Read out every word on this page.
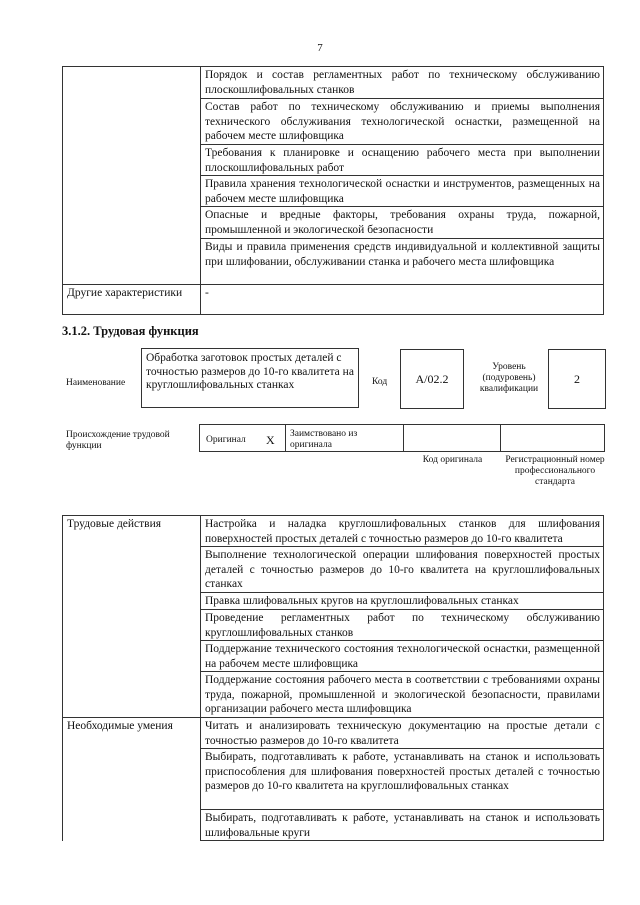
7
	Порядок и состав регламентных работ по техническому обслуживанию плоскошлифовальных станков
	Состав работ по техническому обслуживанию и приемы выполнения технического обслуживания технологической оснастки, размещенной на рабочем месте шлифовщика
	Требования к планировке и оснащению рабочего места при выполнении плоскошлифовальных работ
	Правила хранения технологической оснастки и инструментов, размещенных на рабочем месте шлифовщика
	Опасные и вредные факторы, требования охраны труда, пожарной, промышленной и экологической безопасности
	Виды и правила применения средств индивидуальной и коллективной защиты при шлифовании, обслуживании станка и рабочего места шлифовщика
Другие характеристики	-
3.1.2. Трудовая функция
Наименование
Обработка заготовок простых деталей с точностью размеров до 10-го квалитета на круглошлифовальных станках	Код	A/02.2
Уровень (подуровень) квалификации
2
Происхождение трудовой функции
Оригинал X Заимствовано из оригинала
Код оригинала	Регистрационный номер профессионального стандарта
Трудовые действия	Настройка и наладка круглошлифовальных станков для шлифования поверхностей простых деталей с точностью размеров до 10-го квалитета
	Выполнение технологической операции шлифования поверхностей простых деталей с точностью размеров до 10-го квалитета на круглошлифовальных станках
	Правка шлифовальных кругов на круглошлифовальных станках
	Проведение регламентных работ по техническому обслуживанию круглошлифовальных станков
	Поддержание технического состояния технологической оснастки, размещенной на рабочем месте шлифовщика
	Поддержание состояния рабочего места в соответствии с требованиями охраны труда, пожарной, промышленной и экологической безопасности, правилами организации рабочего места шлифовщика
Необходимые умения	Читать и анализировать техническую документацию на простые детали с точностью размеров до 10-го квалитета
	Выбирать, подготавливать к работе, устанавливать на станок и использовать приспособления для шлифования поверхностей простых деталей с точностью размеров до 10-го квалитета на круглошлифовальных станках
	Выбирать, подготавливать к работе, устанавливать на станок и использовать шлифовальные круги
